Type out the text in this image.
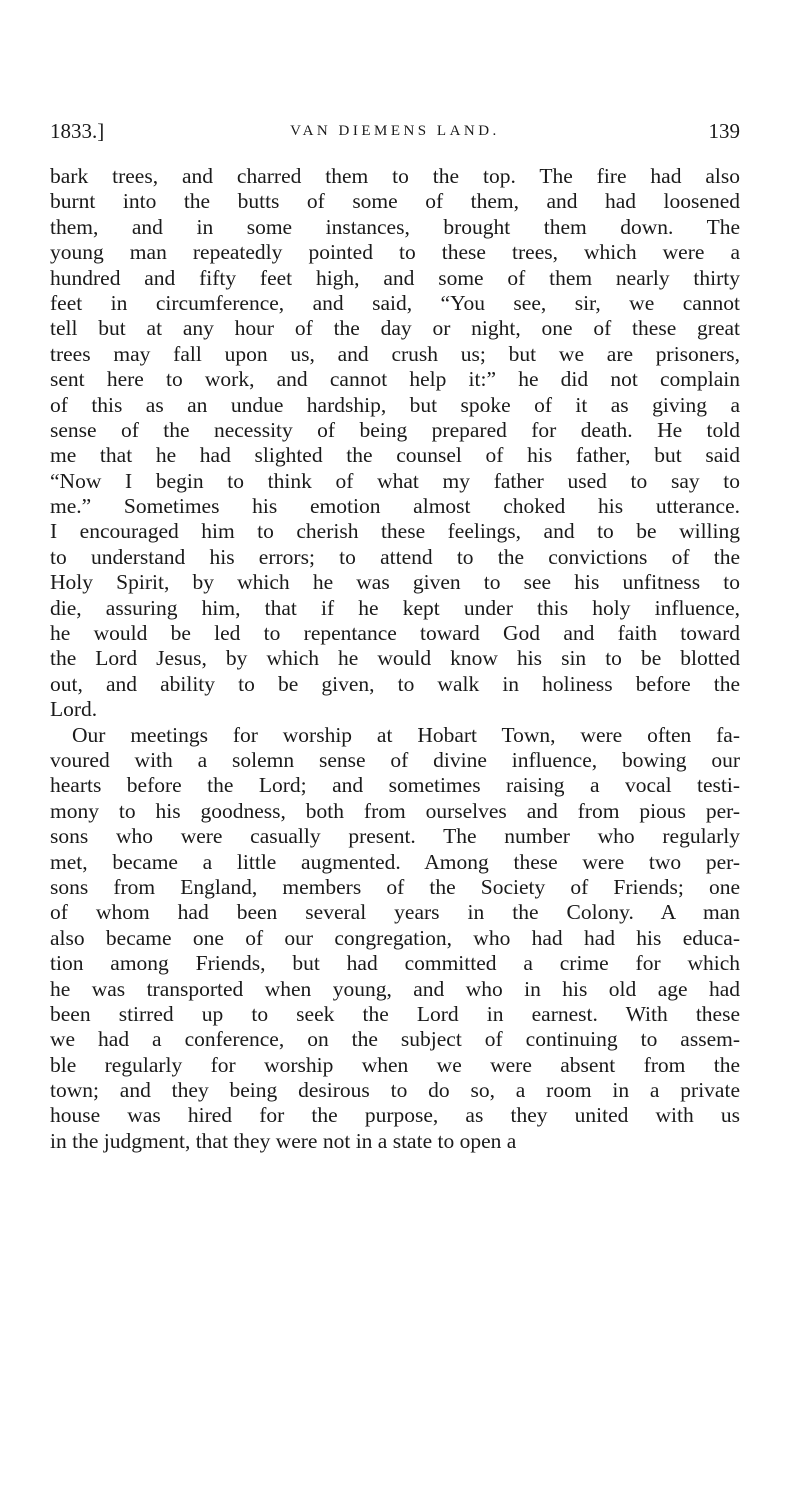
1833.]	VAN DIEMENS LAND.	139
bark trees, and charred them to the top. The fire had also
burnt into the butts of some of them, and had loosened
them, and in some instances, brought them down. The
young man repeatedly pointed to these trees, which were a
hundred and fifty feet high, and some of them nearly thirty
feet in circumference, and said, “You see, sir, we cannot
tell but at any hour of the day or night, one of these great
trees may fall upon us, and crush us; but we are prisoners,
sent here to work, and cannot help it:” he did not complain
of this as an undue hardship, but spoke of it as giving a
sense of the necessity of being prepared for death. He told
me that he had slighted the counsel of his father, but said
“Now I begin to think of what my father used to say to
me.” Sometimes his emotion almost choked his utterance.
I encouraged him to cherish these feelings, and to be willing
to understand his errors; to attend to the convictions of the
Holy Spirit, by which he was given to see his unfitness to
die, assuring him, that if he kept under this holy influence,
he would be led to repentance toward God and faith toward
the Lord Jesus, by which he would know his sin to be blotted
out, and ability to be given, to walk in holiness before the
Lord.
Our meetings for worship at Hobart Town, were often fa-
voured with a solemn sense of divine influence, bowing our
hearts before the Lord; and sometimes raising a vocal testi-
mony to his goodness, both from ourselves and from pious per-
sons who were casually present. The number who regularly
met, became a little augmented. Among these were two per-
sons from England, members of the Society of Friends; one
of whom had been several years in the Colony. A man
also became one of our congregation, who had had his educa-
tion among Friends, but had committed a crime for which
he was transported when young, and who in his old age had
been stirred up to seek the Lord in earnest. With these
we had a conference, on the subject of continuing to assem-
ble regularly for worship when we were absent from the
town; and they being desirous to do so, a room in a private
house was hired for the purpose, as they united with us
in the judgment, that they were not in a state to open a
